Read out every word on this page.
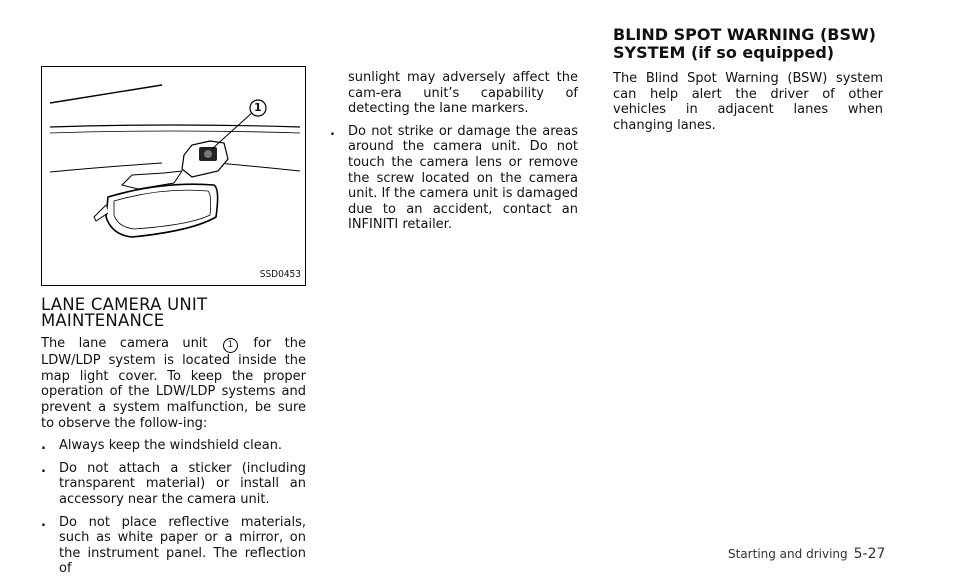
1
SSD0453
LANE CAMERA UNIT MAINTENANCE

The lane camera unit 1 for the LDW/LDP system is located inside the map light cover. To keep the proper operation of the LDW/LDP systems and prevent a system malfunction, be sure to observe the follow-ing:

. Always keep the windshield clean.
. Do not attach a sticker (including transparent material) or install an accessory near the camera unit.
. Do not place reflective materials, such as white paper or a mirror, on the instrument panel. The reflection of

sunlight may adversely affect the cam-era unit’s capability of detecting the lane markers.

. Do not strike or damage the areas around the camera unit. Do not touch the camera lens or remove the screw located on the camera unit. If the camera unit is damaged due to an accident, contact an INFINITI retailer.
BLIND SPOT WARNING (BSW) SYSTEM (if so equipped)

The Blind Spot Warning (BSW) system can help alert the driver of other vehicles in adjacent lanes when changing lanes.

Starting and driving 5-27
